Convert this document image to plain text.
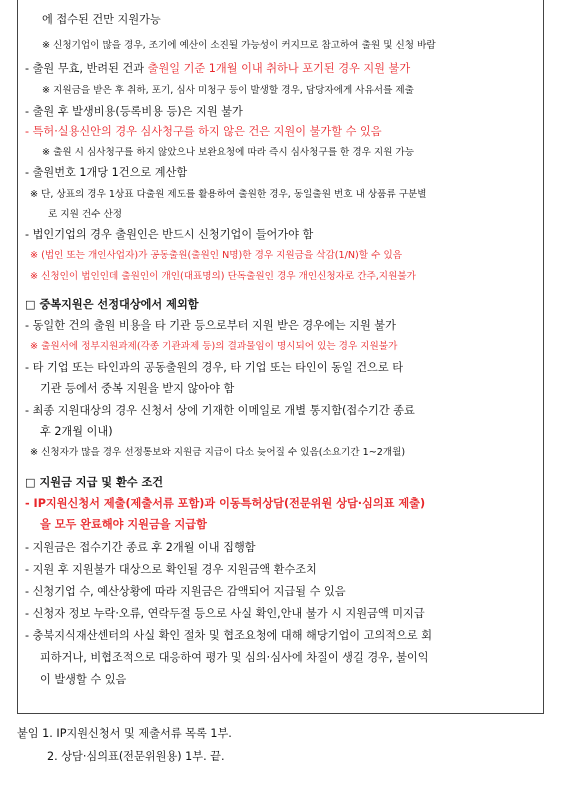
에 접수된 건만 지원가능
※ 신청기업이 많을 경우, 조기에 예산이 소진될 가능성이 커지므로 참고하여 출원 및 신청 바람
- 출원 무효, 반려된 건과 출원일 기준 1개월 이내 취하나 포기된 경우 지원 불가
※ 지원금을 받은 후 취하, 포기, 심사 미청구 등이 발생할 경우, 담당자에게 사유서를 제출
- 출원 후 발생비용(등록비용 등)은 지원 불가
- 특허·실용신안의 경우 심사청구를 하지 않은 건은 지원이 불가할 수 있음
※ 출원 시 심사청구를 하지 않았으나 보완요청에 따라 즉시 심사청구를 한 경우 지원 가능
- 출원번호 1개당 1건으로 계산함
※ 단, 상표의 경우 1상표 다출원 제도를 활용하여 출원한 경우, 동일출원 번호 내 상품류 구분별
로 지원 건수 산정
- 법인기업의 경우 출원인은 반드시 신청기업이 들어가야 함
※ (법인 또는 개인사업자)가 공동출원(출원인 N명)한 경우 지원금을 삭감(1/N)할 수 있음
※ 신청인이 법인인데 출원인이 개인(대표명의) 단독출원인 경우 개인신청자로 간주,지원불가
□ 중복지원은 선정대상에서 제외함
- 동일한 건의 출원 비용을 타 기관 등으로부터 지원 받은 경우에는 지원 불가
※ 출원서에 정부지원과제(각종 기관과제 등)의 결과물임이 명시되어 있는 경우 지원불가
- 타 기업 또는 타인과의 공동출원의 경우, 타 기업 또는 타인이 동일 건으로 타
기관 등에서 중복 지원을 받지 않아야 함
- 최종 지원대상의 경우 신청서 상에 기재한 이메일로 개별 통지함(접수기간 종료
후 2개월 이내)
※ 신청자가 많을 경우 선정통보와 지원금 지급이 다소 늦어질 수 있음(소요기간 1~2개월)
□ 지원금 지급 및 환수 조건
- IP지원신청서 제출(제출서류 포함)과 이동특허상담(전문위원 상담·심의표 제출)
을 모두 완료해야 지원금을 지급함
- 지원금은 접수기간 종료 후 2개월 이내 집행함
- 지원 후 지원불가 대상으로 확인될 경우 지원금액 환수조치
- 신청기업 수, 예산상황에 따라 지원금은 감액되어 지급될 수 있음
- 신청자 정보 누락·오류, 연락두절 등으로 사실 확인,안내 불가 시 지원금액 미지급
- 충북지식재산센터의 사실 확인 절차 및 협조요청에 대해 해당기업이 고의적으로 회
피하거나, 비협조적으로 대응하여 평가 및 심의·심사에 차질이 생길 경우, 불이익
이 발생할 수 있음
붙임 1. IP지원신청서 및 제출서류 목록 1부.
2. 상담·심의표(전문위원용) 1부. 끝.
